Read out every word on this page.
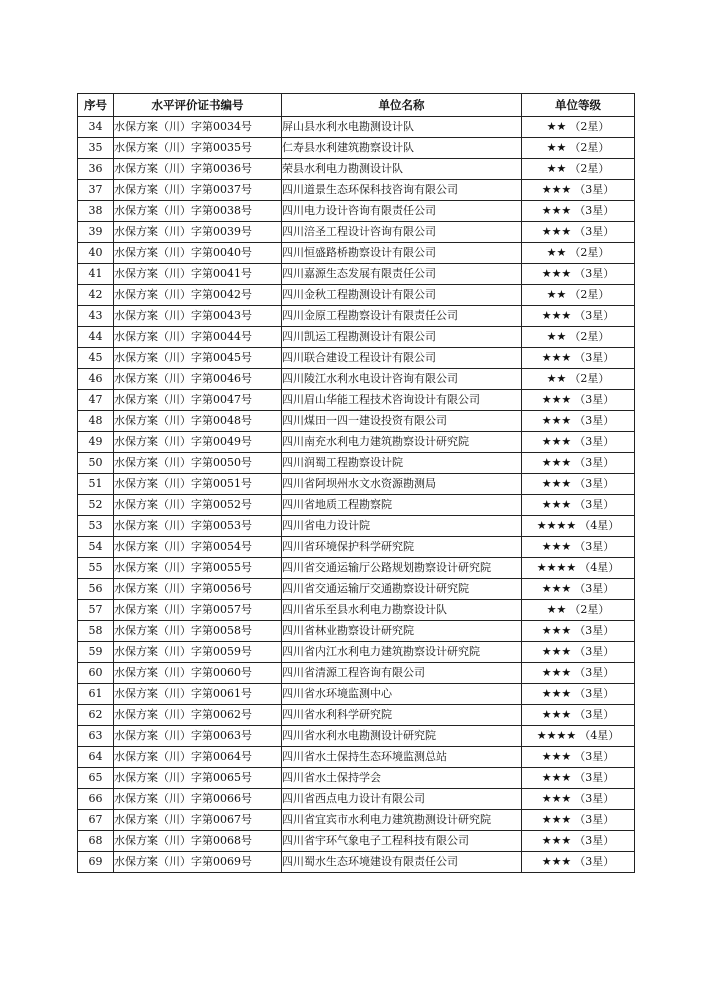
序号	水平评价证书编号	单位名称	单位等级
34	水保方案（川）字第0034号	屏山县水利水电勘测设计队	★★ （2星）
35	水保方案（川）字第0035号	仁寿县水利建筑勘察设计队	★★ （2星）
36	水保方案（川）字第0036号	荣县水利电力勘测设计队	★★ （2星）
37	水保方案（川）字第0037号	四川道景生态环保科技咨询有限公司	★★★ （3星）
38	水保方案（川）字第0038号	四川电力设计咨询有限责任公司	★★★ （3星）
39	水保方案（川）字第0039号	四川涪圣工程设计咨询有限公司	★★★ （3星）
40	水保方案（川）字第0040号	四川恒盛路桥勘察设计有限公司	★★ （2星）
41	水保方案（川）字第0041号	四川嘉源生态发展有限责任公司	★★★ （3星）
42	水保方案（川）字第0042号	四川金秋工程勘测设计有限公司	★★ （2星）
43	水保方案（川）字第0043号	四川金原工程勘察设计有限责任公司	★★★ （3星）
44	水保方案（川）字第0044号	四川凯运工程勘测设计有限公司	★★ （2星）
45	水保方案（川）字第0045号	四川联合建设工程设计有限公司	★★★ （3星）
46	水保方案（川）字第0046号	四川陵江水利水电设计咨询有限公司	★★ （2星）
47	水保方案（川）字第0047号	四川眉山华能工程技术咨询设计有限公司	★★★ （3星）
48	水保方案（川）字第0048号	四川煤田一四一建设投资有限公司	★★★ （3星）
49	水保方案（川）字第0049号	四川南充水利电力建筑勘察设计研究院	★★★ （3星）
50	水保方案（川）字第0050号	四川润蜀工程勘察设计院	★★★ （3星）
51	水保方案（川）字第0051号	四川省阿坝州水文水资源勘测局	★★★ （3星）
52	水保方案（川）字第0052号	四川省地质工程勘察院	★★★ （3星）
53	水保方案（川）字第0053号	四川省电力设计院	★★★★ （4星）
54	水保方案（川）字第0054号	四川省环境保护科学研究院	★★★ （3星）
55	水保方案（川）字第0055号	四川省交通运输厅公路规划勘察设计研究院	★★★★ （4星）
56	水保方案（川）字第0056号	四川省交通运输厅交通勘察设计研究院	★★★ （3星）
57	水保方案（川）字第0057号	四川省乐至县水利电力勘察设计队	★★ （2星）
58	水保方案（川）字第0058号	四川省林业勘察设计研究院	★★★ （3星）
59	水保方案（川）字第0059号	四川省内江水利电力建筑勘察设计研究院	★★★ （3星）
60	水保方案（川）字第0060号	四川省清源工程咨询有限公司	★★★ （3星）
61	水保方案（川）字第0061号	四川省水环境监测中心	★★★ （3星）
62	水保方案（川）字第0062号	四川省水利科学研究院	★★★ （3星）
63	水保方案（川）字第0063号	四川省水利水电勘测设计研究院	★★★★ （4星）
64	水保方案（川）字第0064号	四川省水土保持生态环境监测总站	★★★ （3星）
65	水保方案（川）字第0065号	四川省水土保持学会	★★★ （3星）
66	水保方案（川）字第0066号	四川省西点电力设计有限公司	★★★ （3星）
67	水保方案（川）字第0067号	四川省宜宾市水利电力建筑勘测设计研究院	★★★ （3星）
68	水保方案（川）字第0068号	四川省宇环气象电子工程科技有限公司	★★★ （3星）
69	水保方案（川）字第0069号	四川蜀水生态环境建设有限责任公司	★★★ （3星）
